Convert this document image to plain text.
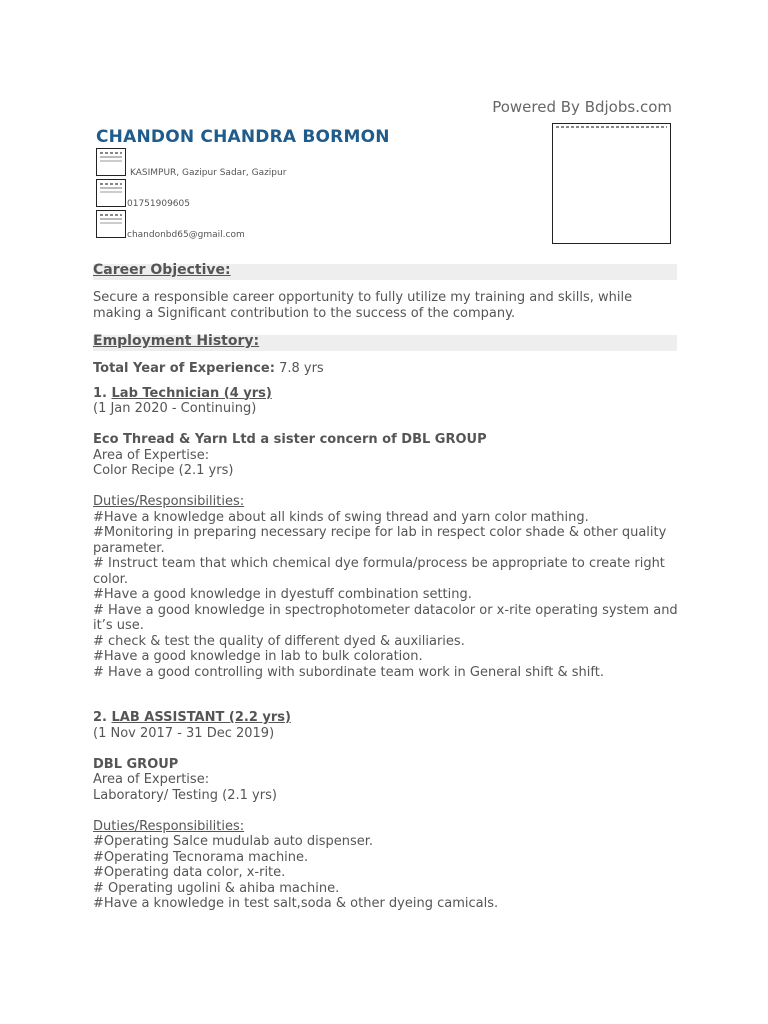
Powered By Bdjobs.com
CHANDON CHANDRA BORMON
KASIMPUR, Gazipur Sadar, Gazipur
01751909605
chandonbd65@gmail.com
Career Objective:

Secure a responsible career opportunity to fully utilize my training and skills, while making a Significant contribution to the success of the company.

Employment History:

Total Year of Experience: 7.8 yrs

1. Lab Technician (4 yrs)

(1 Jan 2020 - Continuing)

Eco Thread & Yarn Ltd a sister concern of DBL GROUP

Area of Expertise:

Color Recipe (2.1 yrs)

Duties/Responsibilities:

#Have a knowledge about all kinds of swing thread and yarn color mathing.

#Monitoring in preparing necessary recipe for lab in respect color shade & other quality parameter.

# Instruct team that which chemical dye formula/process be appropriate to create right color.

#Have a good knowledge in dyestuff combination setting.

# Have a good knowledge in spectrophotometer datacolor or x-rite operating system and it’s use.

# check & test the quality of different dyed & auxiliaries.

#Have a good knowledge in lab to bulk coloration.

# Have a good controlling with subordinate team work in General shift & shift.

2. LAB ASSISTANT (2.2 yrs)

(1 Nov 2017 - 31 Dec 2019)

DBL GROUP

Area of Expertise:

Laboratory/ Testing (2.1 yrs)

Duties/Responsibilities:

#Operating Salce mudulab auto dispenser.

#Operating Tecnorama machine.

#Operating data color, x-rite.

# Operating ugolini & ahiba machine.

#Have a knowledge in test salt,soda & other dyeing camicals.
